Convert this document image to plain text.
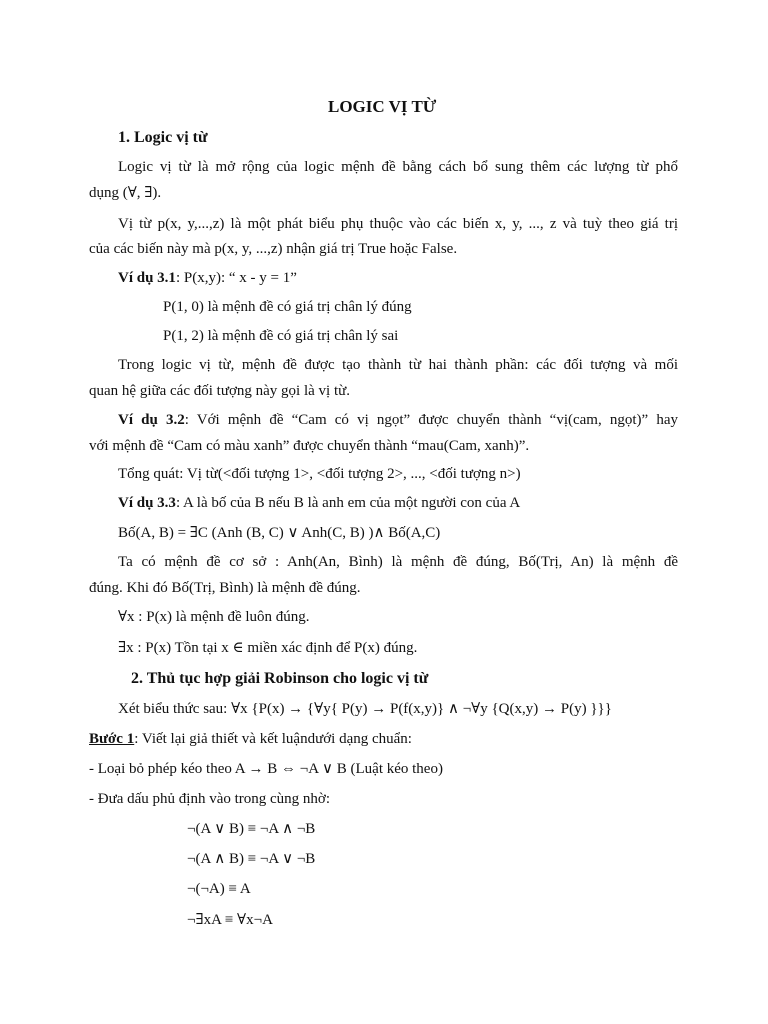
LOGIC VỊ TỪ
1. Logic vị từ
Logic vị từ là mở rộng của logic mệnh đề bằng cách bổ sung thêm các lượng từ phổ
dụng (∀, ∃).
Vị từ p(x, y,...,z) là một phát biểu phụ thuộc vào các biến x, y, ..., z và tuỳ theo giá trị
của các biến này mà p(x, y, ...,z) nhận giá trị True hoặc False.
Ví dụ 3.1: P(x,y): “ x - y = 1”
P(1, 0) là mệnh đề có giá trị chân lý đúng
P(1, 2) là mệnh đề có giá trị chân lý sai
Trong logic vị từ, mệnh đề được tạo thành từ hai thành phần: các đối tượng và mối
quan hệ giữa các đối tượng này gọi là vị từ.
Ví dụ 3.2: Với mệnh đề “Cam có vị ngọt” được chuyển thành “vị(cam, ngọt)” hay
với mệnh đề “Cam có màu xanh” được chuyển thành “mau(Cam, xanh)”.
Tổng quát: Vị từ(<đối tượng 1>, <đối tượng 2>, ..., <đối tượng n>)
Ví dụ 3.3: A là bố của B nếu B là anh em của một người con của A
Bố(A, B) = ∃C (Anh (B, C) ∨ Anh(C, B) )∧ Bố(A,C)
Ta có mệnh đề cơ sở : Anh(An, Bình) là mệnh đề đúng, Bố(Trị, An) là mệnh đề
đúng. Khi đó Bố(Trị, Bình) là mệnh đề đúng.
∀x : P(x) là mệnh đề luôn đúng.
∃x : P(x) Tồn tại x ∈ miền xác định để P(x) đúng.
2. Thủ tục hợp giải Robinson cho logic vị từ
Xét biểu thức sau: ∀x {P(x) → {∀y{ P(y) → P(f(x,y)} ∧ ¬∀y {Q(x,y) → P(y) }}}
Bước 1: Viết lại giả thiết và kết luậndưới dạng chuẩn:
- Loại bỏ phép kéo theo A → B ⇔ ¬A ∨ B (Luật kéo theo)
- Đưa dấu phủ định vào trong cùng nhờ:
¬(A ∨ B) ≡ ¬A ∧ ¬B
¬(A ∧ B) ≡ ¬A ∨ ¬B
¬(¬A) ≡ A
¬∃xA ≡ ∀x¬A
